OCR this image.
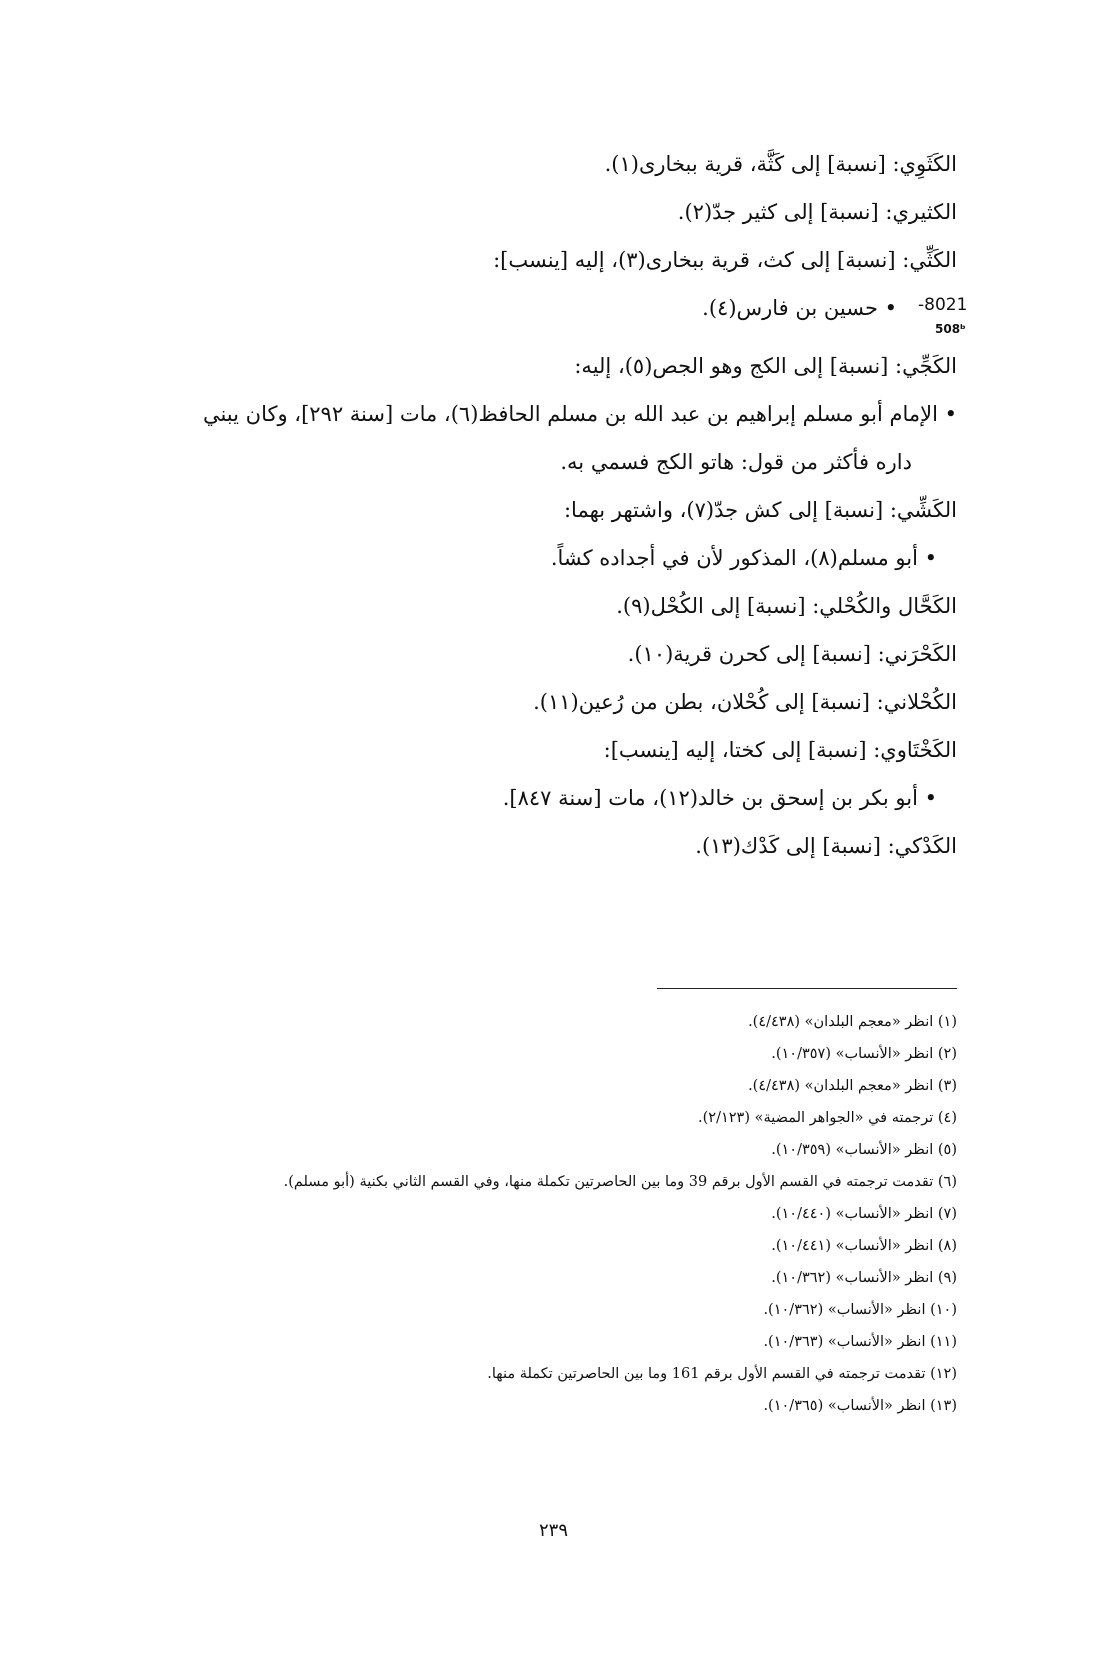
-8021
508ᵇ
الكَثَوِي: [نسبة] إلى كَثَّة، قرية ببخارى(١).
الكثيري: [نسبة] إلى كثير جدّ(٢).
الكَثِّي: [نسبة] إلى كث، قرية ببخارى(٣)، إليه [ينسب]:
• حسين بن فارس(٤).
الكَجِّي: [نسبة] إلى الكج وهو الجص(٥)، إليه:
• الإمام أبو مسلم إبراهيم بن عبد الله بن مسلم الحافظ(٦)، مات [سنة ٢٩٢]، وكان يبني
داره فأكثر من قول: هاتو الكج فسمي به.
الكَشِّي: [نسبة] إلى كش جدّ(٧)، واشتهر بهما:
• أبو مسلم(٨)، المذكور لأن في أجداده كشاً.
الكَحَّال والكُحْلي: [نسبة] إلى الكُحْل(٩).
الكَحْرَني: [نسبة] إلى كحرن قرية(١٠).
الكُحْلاني: [نسبة] إلى كُحْلان، بطن من رُعين(١١).
الكَخْتَاوي: [نسبة] إلى كختا، إليه [ينسب]:
• أبو بكر بن إسحق بن خالد(١٢)، مات [سنة ٨٤٧].
الكَدْكي: [نسبة] إلى كَدْك(١٣).
(١) انظر «معجم البلدان» (٤/٤٣٨).
(٢) انظر «الأنساب» (١٠/٣٥٧).
(٣) انظر «معجم البلدان» (٤/٤٣٨).
(٤) ترجمته في «الجواهر المضية» (٢/١٢٣).
(٥) انظر «الأنساب» (١٠/٣٥٩).
(٦) تقدمت ترجمته في القسم الأول برقم 39 وما بين الحاصرتين تكملة منها، وفي القسم الثاني بكنية (أبو مسلم).
(٧) انظر «الأنساب» (١٠/٤٤٠).
(٨) انظر «الأنساب» (١٠/٤٤١).
(٩) انظر «الأنساب» (١٠/٣٦٢).
(١٠) انظر «الأنساب» (١٠/٣٦٢).
(١١) انظر «الأنساب» (١٠/٣٦٣).
(١٢) تقدمت ترجمته في القسم الأول برقم 161 وما بين الحاصرتين تكملة منها.
(١٣) انظر «الأنساب» (١٠/٣٦٥).
٢٣٩
